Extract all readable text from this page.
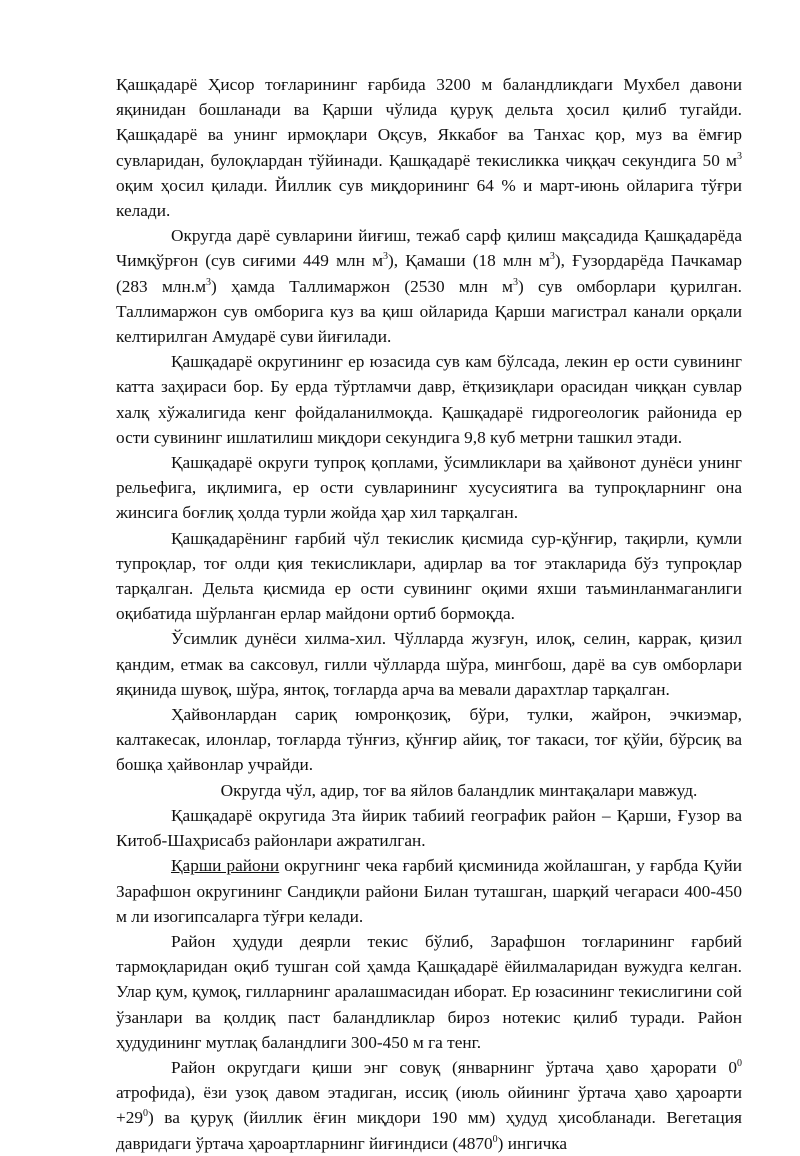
Қашқадарё Ҳисор тоғларининг ғарбида 3200 м баландликдаги Мухбел давони яқинидан бошланади ва Қарши чўлида қуруқ дельта ҳосил қилиб тугайди. Қашқадарё ва унинг ирмоқлари Оқсув, Яккабоғ ва Танхас қор, муз ва ёмғир сувларидан, булоқлардан тўйинади. Қашқадарё текисликка чиққач секундига 50 $м^3$ оқим ҳосил қилади. Йиллик сув миқдорининг 64 % и март-июнь ойларига тўғри келади.

Округда дарё сувларини йиғиш, тежаб сарф қилиш мақсадида Қашқадарёда Чимқўрғон (сув сиғими 449 млн $м^3$), Қамаши (18 млн $м^3$), Ғузордарёда Пачкамар (283 $млн.м^3$) ҳамда Таллимаржон (2530 млн $м^3$) сув омборлари қурилган. Таллимаржон сув омборига куз ва қиш ойларида Қарши магистрал канали орқали келтирилган Амударё суви йиғилади.

Қашқадарё округининг ер юзасида сув кам бўлсада, лекин ер ости сувининг катта заҳираси бор. Бу ерда тўртламчи давр, ётқизиқлари орасидан чиққан сувлар халқ хўжалигида кенг фойдаланилмоқда. Қашқадарё гидрогеологик районида ер ости сувининг ишлатилиш миқдори секундига 9,8 куб метрни ташкил этади.

Қашқадарё округи тупроқ қоплами, ўсимликлари ва ҳайвонот дунёси унинг рельефига, иқлимига, ер ости сувларининг хусусиятига ва тупроқларнинг она жинсига боғлиқ ҳолда турли жойда ҳар хил тарқалган.

Қашқадарёнинг ғарбий чўл текислик қисмида сур-қўнғир, тақирли, қумли тупроқлар, тоғ олди қия текисликлари, адирлар ва тоғ этакларида бўз тупроқлар тарқалган. Дельта қисмида ер ости сувининг оқими яхши таъминланмаганлиги оқибатида шўрланган ерлар майдони ортиб бормоқда.

Ўсимлик дунёси хилма-хил. Чўлларда жузғун, илоқ, селин, каррак, қизил қандим, етмак ва саксовул, гилли чўлларда шўра, мингбош, дарё ва сув омборлари яқинида шувоқ, шўра, янтоқ, тоғларда арча ва мевали дарахтлар тарқалган.

Ҳайвонлардан сариқ юмронқозиқ, бўри, тулки, жайрон, эчкиэмар, калтакесак, илонлар, тоғларда тўнғиз, қўнғир айиқ, тоғ такаси, тоғ қўйи, бўрсиқ ва бошқа ҳайвонлар учрайди.

Округда чўл, адир, тоғ ва яйлов баландлик минтақалари мавжуд.

Қашқадарё округида 3та йирик табиий географик район – Қарши, Ғузор ва Китоб-Шаҳрисабз районлари ажратилган.

Қарши райони округнинг чека ғарбий қисминида жойлашган, у ғарбда Қуйи Зарафшон округининг Сандиқли райони Билан туташган, шарқий чегараси 400-450 м ли изогипсаларга тўғри келади.

Район ҳудуди деярли текис бўлиб, Зарафшон тоғларининг ғарбий тармоқларидан оқиб тушган сой ҳамда Қашқадарё ёйилмаларидан вужудга келган. Улар қум, қумоқ, гилларнинг аралашмасидан иборат. Ер юзасининг текислигини сой ўзанлари ва қолдиқ паст баландликлар бироз нотекис қилиб туради. Район ҳудудининг мутлақ баландлиги 300-450 м га тенг.

Район округдаги қиши энг совуқ (январнинг ўртача ҳаво ҳарорати $0^0$ атрофида), ёзи узоқ давом этадиган, иссиқ (июль ойининг ўртача ҳаво ҳароарти $+29^0$) ва қуруқ (йиллик ёғин миқдори 190 мм) ҳудуд ҳисобланади. Вегетация давридаги ўртача ҳароартларнинг йиғиндиси (4870$^0$) ингичка
